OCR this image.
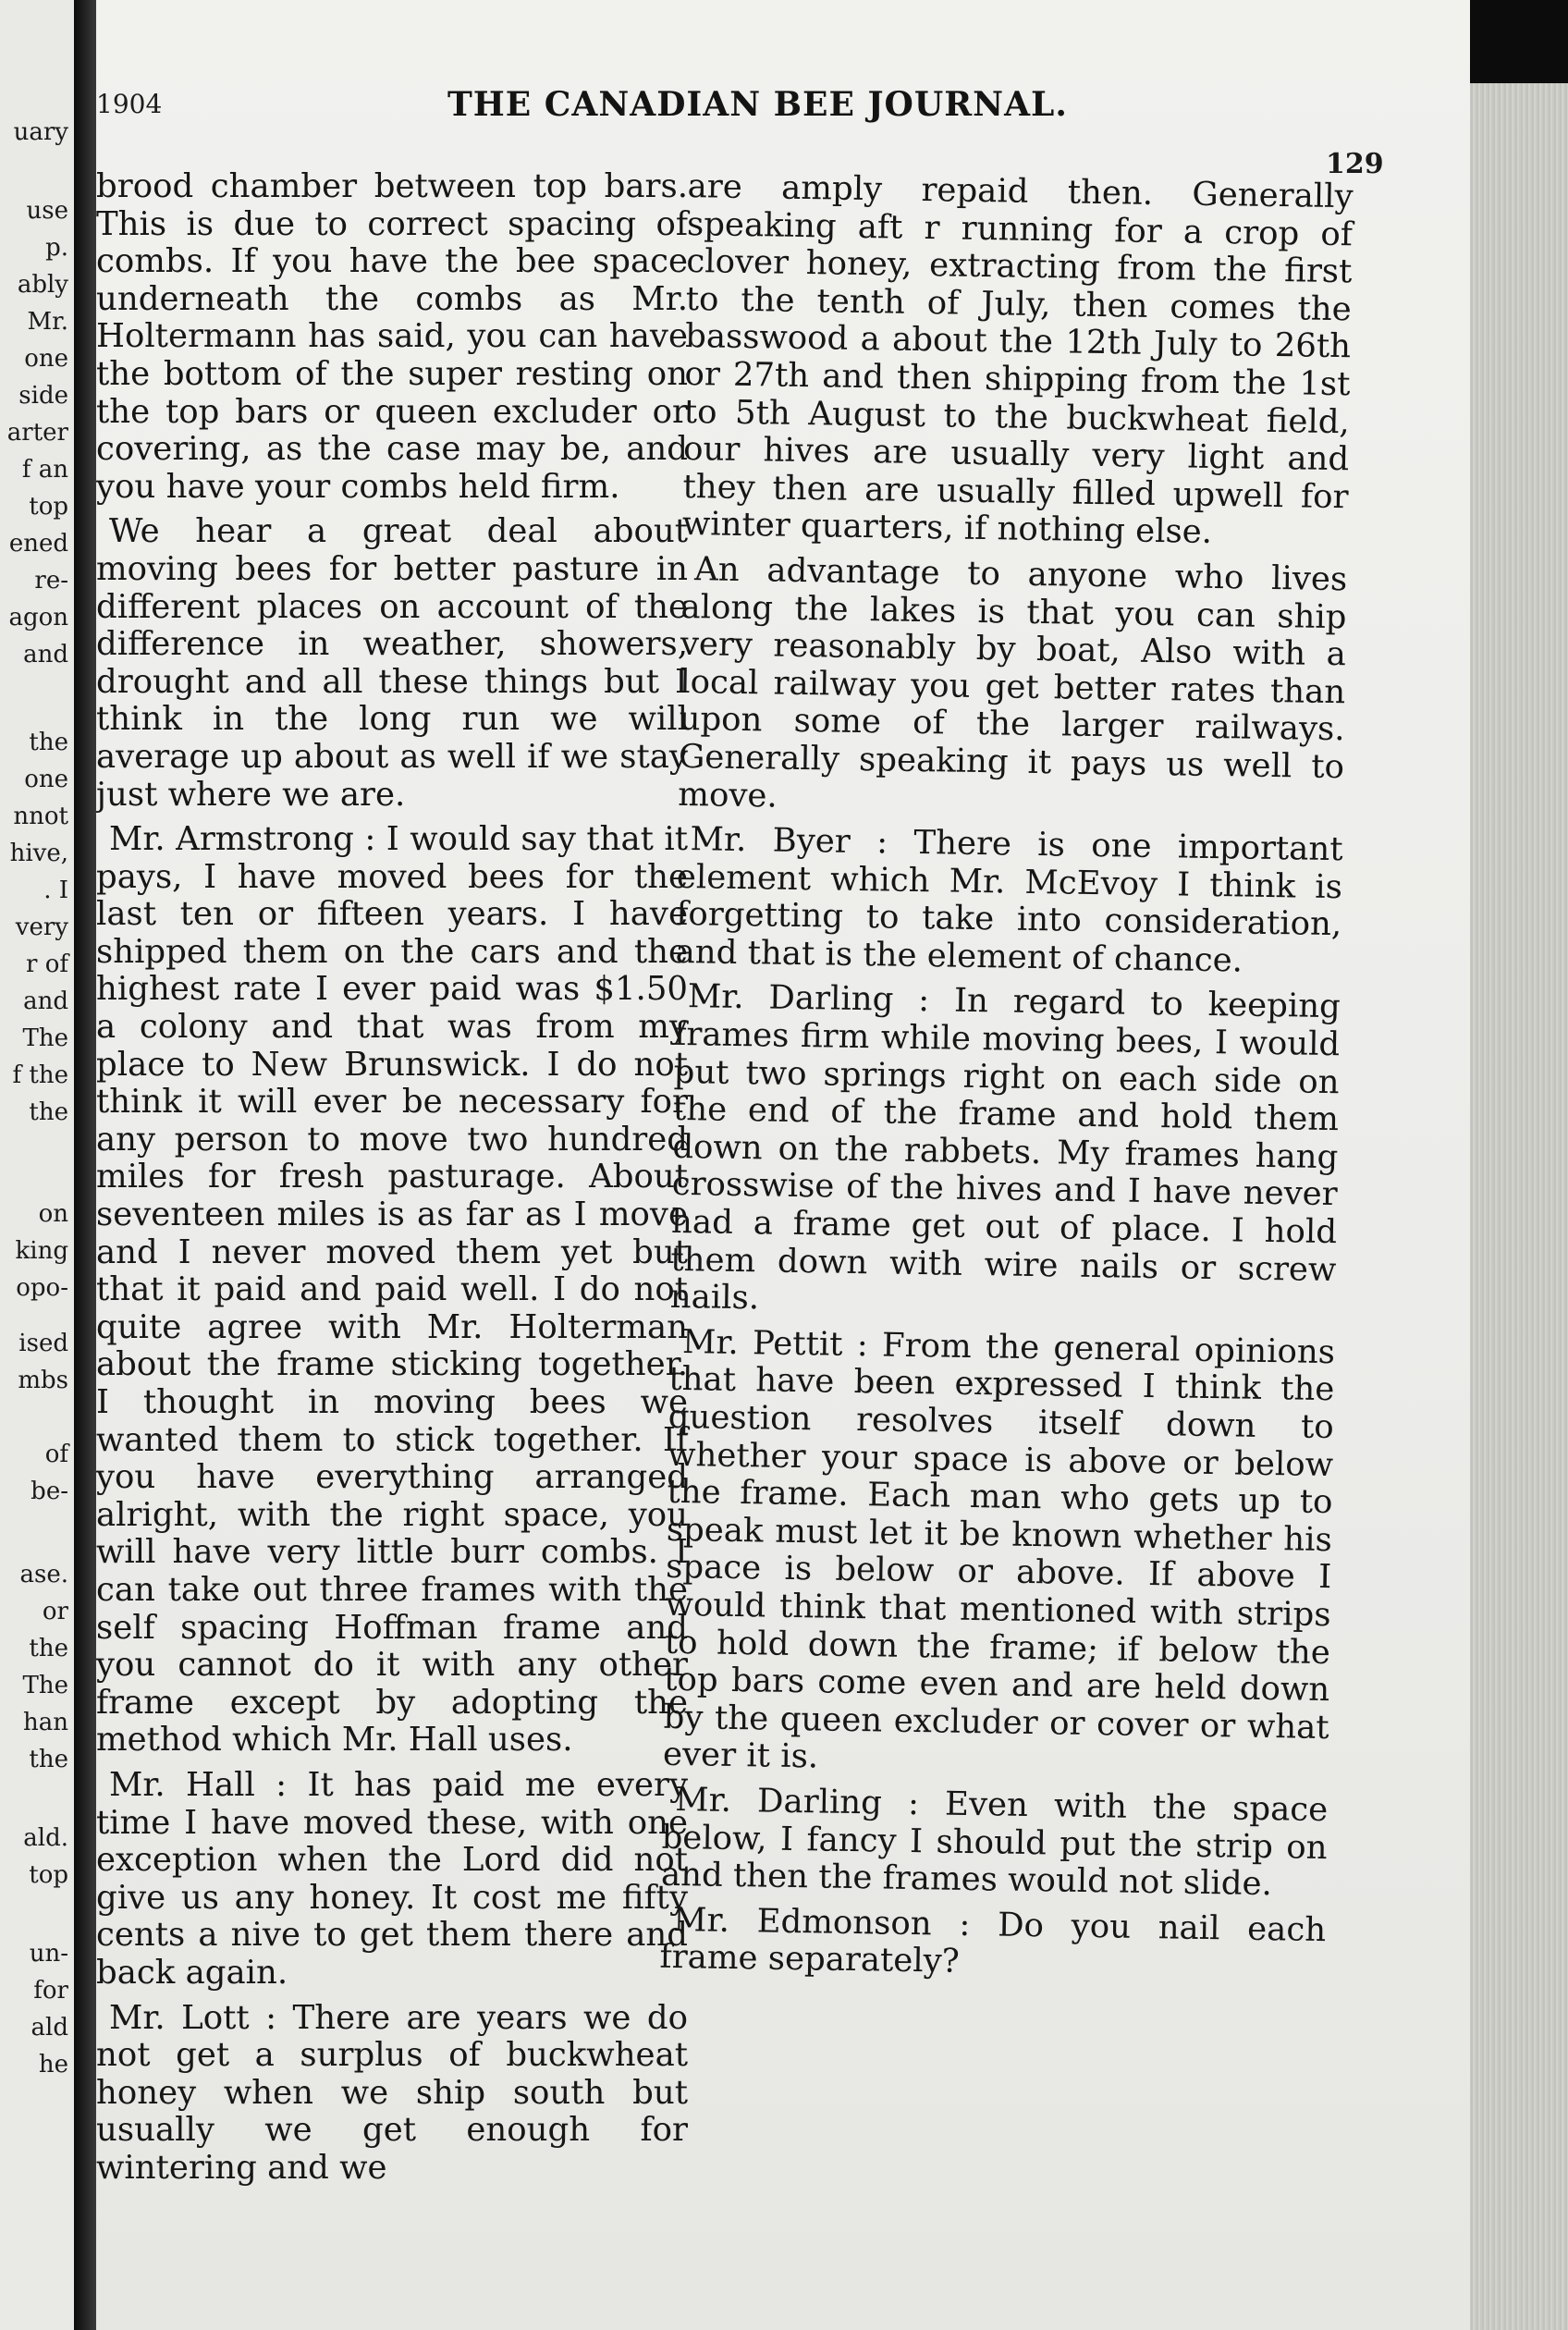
uary
use
p.
ably
Mr.
one
side
arter
f an
top
ened
re-
agon
and
the
one
nnot
hive,
. I
very
r of
and
The
f the
the
on
king
opo-
ised
mbs
of
be-
ase.
or
the
The
han
the
ald.
top
un-
for
ald
he
1904	THE CANADIAN BEE JOURNAL.
129

brood chamber between top bars. This is due to correct spacing of combs. If you have the bee space underneath the combs as Mr. Holtermann has said, you can have the bottom of the super resting on the top bars or queen excluder or covering, as the case may be, and you have your combs held firm.

We hear a great deal about moving bees for better pasture in different places on account of the difference in weather, showers, drought and all these things but I think in the long run we will average up about as well if we stay just where we are.

Mr. Armstrong : I would say that it pays, I have moved bees for the last ten or fifteen years. I have shipped them on the cars and the highest rate I ever paid was $1.50 a colony and that was from my place to New Brunswick. I do not think it will ever be necessary for any person to move two hundred miles for fresh pasturage. About seventeen miles is as far as I move and I never moved them yet but that it paid and paid well. I do not quite agree with Mr. Holterman about the frame sticking together. I thought in moving bees we wanted them to stick together. If you have everything arranged alright, with the right space, you will have very little burr combs. I can take out three frames with the self spacing Hoffman frame and you cannot do it with any other frame except by adopting the method which Mr. Hall uses.

Mr. Hall : It has paid me every time I have moved these, with one exception when the Lord did not give us any honey. It cost me fifty cents a nive to get them there and back again.

Mr. Lott : There are years we do not get a surplus of buckwheat honey when we ship south but usually we get enough for wintering and we

are amply repaid then. Generally speaking aft r running for a crop of clover honey, extracting from the first to the tenth of July, then comes the basswood a about the 12th July to 26th or 27th and then shipping from the 1st to 5th August to the buckwheat field, our hives are usually very light and they then are usually filled upwell for winter quarters, if nothing else.

An advantage to anyone who lives along the lakes is that you can ship very reasonably by boat, Also with a local railway you get better rates than upon some of the larger railways. Generally speaking it pays us well to move.

Mr. Byer : There is one important element which Mr. McEvoy I think is forgetting to take into consideration, and that is the element of chance.

Mr. Darling : In regard to keeping frames firm while moving bees, I would put two springs right on each side on the end of the frame and hold them down on the rabbets. My frames hang crosswise of the hives and I have never had a frame get out of place. I hold them down with wire nails or screw nails.

Mr. Pettit : From the general opinions that have been expressed I think the question resolves itself down to whether your space is above or below the frame. Each man who gets up to speak must let it be known whether his space is below or above. If above I would think that mentioned with strips to hold down the frame; if below the top bars come even and are held down by the queen excluder or cover or what ever it is.

Mr. Darling : Even with the space below, I fancy I should put the strip on and then the frames would not slide.

Mr. Edmonson : Do you nail each frame separately?
